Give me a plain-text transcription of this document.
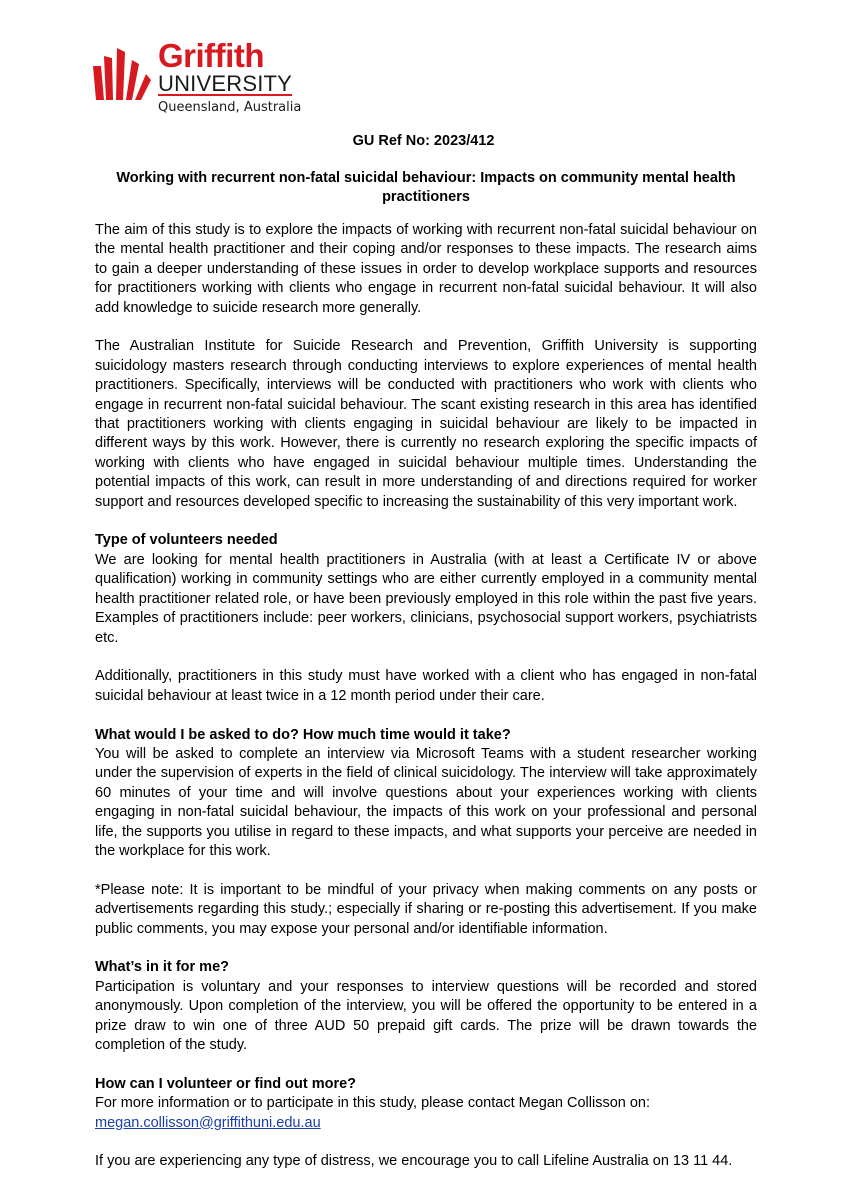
Griffith
UNIVERSITY
Queensland, Australia
GU Ref No: 2023/412
Working with recurrent non-fatal suicidal behaviour: Impacts on community mental health practitioners

The aim of this study is to explore the impacts of working with recurrent non-fatal suicidal behaviour on the mental health practitioner and their coping and/or responses to these impacts. The research aims to gain a deeper understanding of these issues in order to develop workplace supports and resources for practitioners working with clients who engage in recurrent non-fatal suicidal behaviour. It will also add knowledge to suicide research more generally.

The Australian Institute for Suicide Research and Prevention, Griffith University is supporting suicidology masters research through conducting interviews to explore experiences of mental health practitioners. Specifically, interviews will be conducted with practitioners who work with clients who engage in recurrent non-fatal suicidal behaviour. The scant existing research in this area has identified that practitioners working with clients engaging in suicidal behaviour are likely to be impacted in different ways by this work. However, there is currently no research exploring the specific impacts of working with clients who have engaged in suicidal behaviour multiple times. Understanding the potential impacts of this work, can result in more understanding of and directions required for worker support and resources developed specific to increasing the sustainability of this very important work.

Type of volunteers needed

We are looking for mental health practitioners in Australia (with at least a Certificate IV or above qualification) working in community settings who are either currently employed in a community mental health practitioner related role, or have been previously employed in this role within the past five years. Examples of practitioners include: peer workers, clinicians, psychosocial support workers, psychiatrists etc.

Additionally, practitioners in this study must have worked with a client who has engaged in non-fatal suicidal behaviour at least twice in a 12 month period under their care.

What would I be asked to do? How much time would it take?

You will be asked to complete an interview via Microsoft Teams with a student researcher working under the supervision of experts in the field of clinical suicidology. The interview will take approximately 60 minutes of your time and will involve questions about your experiences working with clients engaging in non-fatal suicidal behaviour, the impacts of this work on your professional and personal life, the supports you utilise in regard to these impacts, and what supports your perceive are needed in the workplace for this work.

*Please note: It is important to be mindful of your privacy when making comments on any posts or advertisements regarding this study.; especially if sharing or re-posting this advertisement. If you make public comments, you may expose your personal and/or identifiable information.

What’s in it for me?

Participation is voluntary and your responses to interview questions will be recorded and stored anonymously. Upon completion of the interview, you will be offered the opportunity to be entered in a prize draw to win one of three AUD 50 prepaid gift cards. The prize will be drawn towards the completion of the study.

How can I volunteer or find out more?

For more information or to participate in this study, please contact Megan Collisson on:

megan.collisson@griffithuni.edu.au

If you are experiencing any type of distress, we encourage you to call Lifeline Australia on 13 11 44.
